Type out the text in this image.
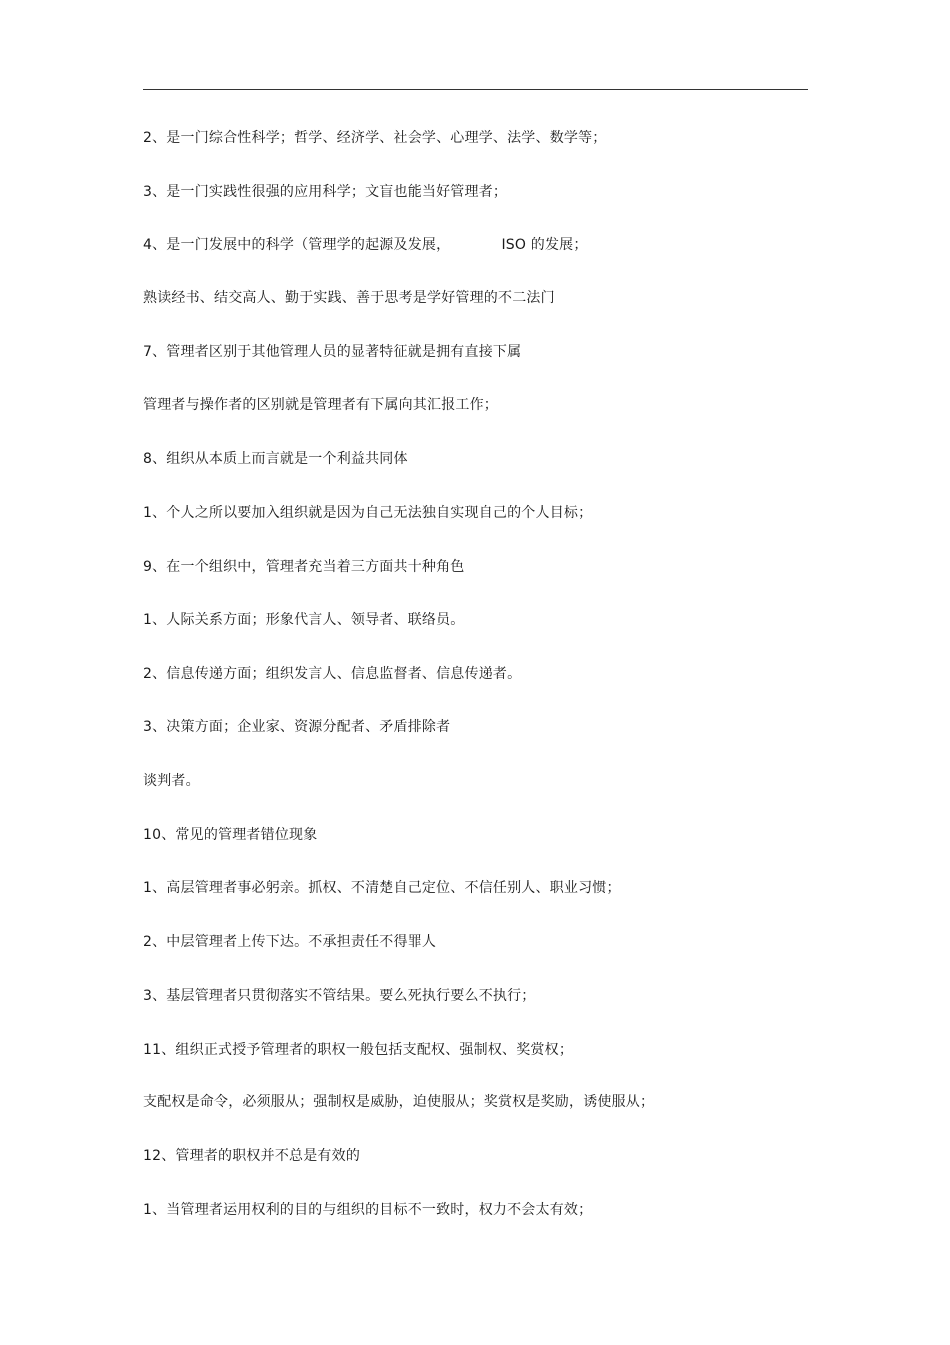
2、是一门综合性科学；哲学、经济学、社会学、心理学、法学、数学等；
3、是一门实践性很强的应用科学；文盲也能当好管理者；
4、是一门发展中的科学（管理学的起源及发展，           ISO 的发展；
熟读经书、结交高人、勤于实践、善于思考是学好管理的不二法门
7、管理者区别于其他管理人员的显著特征就是拥有直接下属
管理者与操作者的区别就是管理者有下属向其汇报工作；
8、组织从本质上而言就是一个利益共同体
1、个人之所以要加入组织就是因为自己无法独自实现自己的个人目标；
9、在一个组织中，管理者充当着三方面共十种角色
1、人际关系方面；形象代言人、领导者、联络员。
2、信息传递方面；组织发言人、信息监督者、信息传递者。
3、决策方面；企业家、资源分配者、矛盾排除者
谈判者。
10、常见的管理者错位现象
1、高层管理者事必躬亲。抓权、不清楚自己定位、不信任别人、职业习惯；
2、中层管理者上传下达。不承担责任不得罪人
3、基层管理者只贯彻落实不管结果。要么死执行要么不执行；
11、组织正式授予管理者的职权一般包括支配权、强制权、奖赏权；
支配权是命令，必须服从；强制权是威胁，迫使服从；奖赏权是奖励，诱使服从；
12、管理者的职权并不总是有效的
1、当管理者运用权利的目的与组织的目标不一致时，权力不会太有效；
